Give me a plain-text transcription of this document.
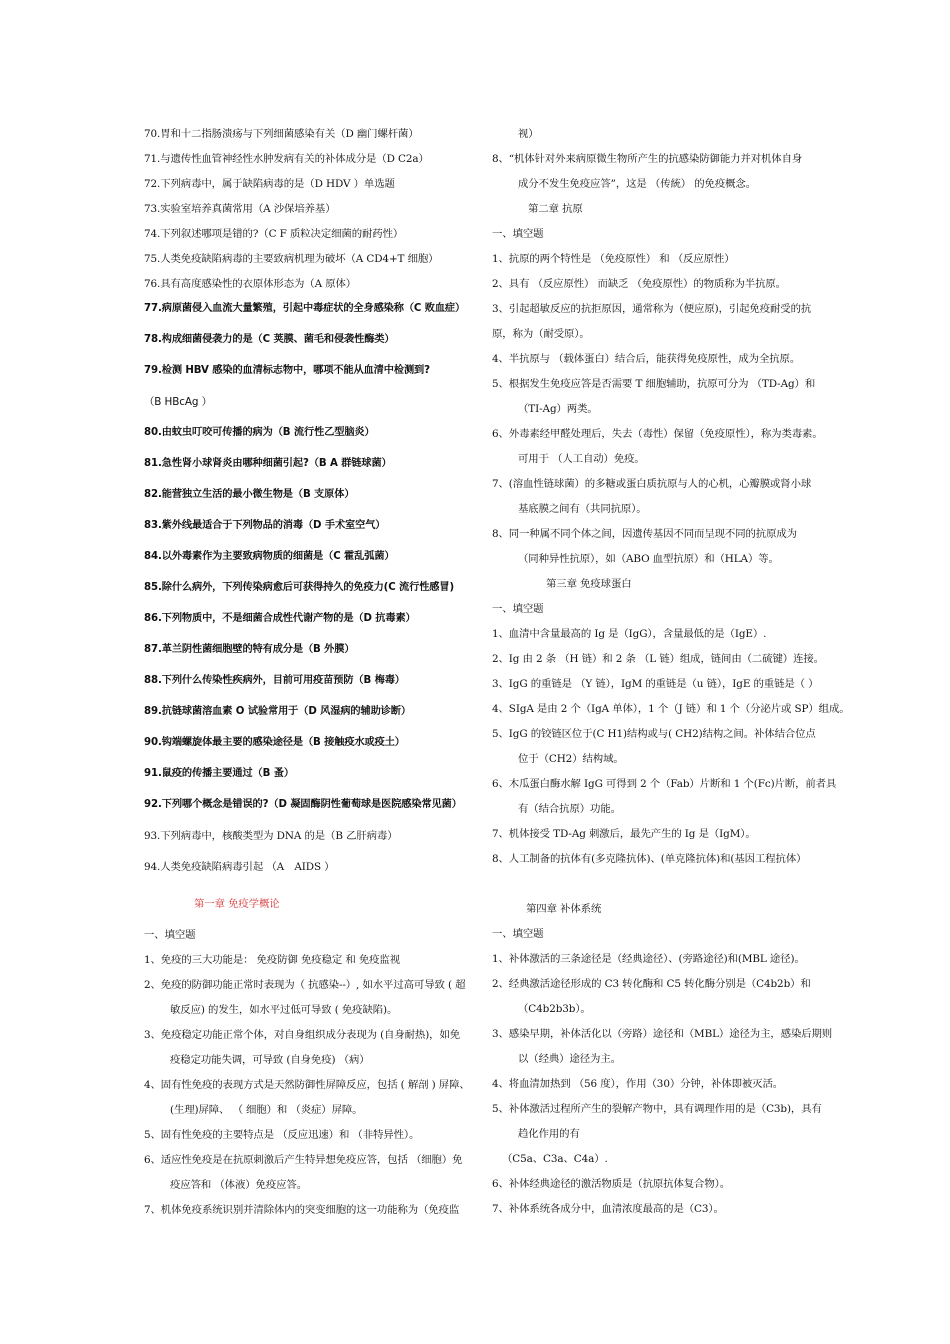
70.胃和十二指肠溃疡与下列细菌感染有关（D 幽门螺杆菌）
71.与遗传性血管神经性水肿发病有关的补体成分是（D C2a）
72.下列病毒中，属于缺陷病毒的是（D HDV ）单选题
73.实验室培养真菌常用（A 沙保培养基）
74.下列叙述哪项是错的?（C F 质粒决定细菌的耐药性）
75.人类免疫缺陷病毒的主要致病机理为破坏（A CD4+T 细胞）
76.具有高度感染性的衣原体形态为（A 原体）
77.病原菌侵入血流大量繁殖，引起中毒症状的全身感染称（C 败血症）
78.构成细菌侵袭力的是（C 荚膜、菌毛和侵袭性酶类）
79.检测 HBV 感染的血清标志物中，哪项不能从血清中检测到?
（B HBcAg ）
80.由蚊虫叮咬可传播的病为（B 流行性乙型脑炎）
81.急性肾小球肾炎由哪种细菌引起?（B A 群链球菌）
82.能营独立生活的最小微生物是（B 支原体）
83.紫外线最适合于下列物品的消毒（D 手术室空气）
84.以外毒素作为主要致病物质的细菌是（C 霍乱弧菌）
85.除什么病外，下列传染病愈后可获得持久的免疫力(C 流行性感冒)
86.下列物质中，不是细菌合成性代谢产物的是（D 抗毒素）
87.革兰阴性菌细胞壁的特有成分是（B 外膜）
88.下列什么传染性疾病外，目前可用疫苗预防（B 梅毒）
89.抗链球菌溶血素 O 试验常用于（D 风湿病的辅助诊断）
90.钩端螺旋体最主要的感染途径是（B 接触疫水或疫土）
91.鼠疫的传播主要通过（B 蚤）
92.下列哪个概念是错误的?（D 凝固酶阴性葡萄球是医院感染常见菌）
93.下列病毒中，核酸类型为 DNA 的是（B 乙肝病毒）
94.人类免疫缺陷病毒引起 （A　AIDS ）
第一章 免疫学概论
一、填空题
1、免疫的三大功能是： 免疫防御 免疫稳定 和 免疫监视
2、免疫的防御功能正常时表现为（ 抗感染--）, 如水平过高可导致 ( 超
敏反应) 的发生，如水平过低可导致 ( 免疫缺陷)。
3、免疫稳定功能正常个体，对自身组织成分表现为 (自身耐热)，如免
疫稳定功能失调，可导致 (自身免疫) （病）
4、固有性免疫的表现方式是天然防御性屏障反应，包括 ( 解剖 ) 屏障、
(生理)屏障、 （ 细胞）和 （炎症）屏障。
5、固有性免疫的主要特点是 （反应迅速）和 （非特异性）。
6、适应性免疫是在抗原刺激后产生特异想免疫应答，包括 （细胞）免
疫应答和 （体液）免疫应答。
7、机体免疫系统识别并清除体内的突变细胞的这一功能称为（免疫监
视）
8、“机体针对外来病原微生物所产生的抗感染防御能力并对机体自身
成分不发生免疫应答”，这是 （传統） 的免疫概念。
第二章 抗原
一、填空题
1、抗原的两个特性是 （免疫原性） 和 （反应原性）
2、具有 （反应原性） 而缺乏 （免疫原性）的物质称为半抗原。
3、引起超敏反应的抗拒原因，通常称为（便应原)，引起免疫耐受的抗
原，称为（耐受原）。
4、半抗原与 （载体蛋白）结合后，能获得免疫原性，成为全抗原。
5、根据发生免疫应答是否需要 T 细胞辅助，抗原可分为 （TD-Ag）和
（TI-Ag）两类。
6、外毒素经甲醛处理后，失去（毒性）保留（免疫原性），称为类毒素。
可用于 （人工自动）免疫。
7、(溶血性链球菌）的多糖或蛋白质抗原与人的心机，心瓣膜或肾小球
基底膜之间有（共同抗原）。
8、同一种属不同个体之间，因遗传基因不同而呈现不同的抗原成为
（同种异性抗原），如（ABO 血型抗原）和（HLA）等。
第三章 免疫球蛋白
一、填空题
1、血清中含量最高的 Ig 是（IgG），含量最低的是（IgE）.
2、Ig 由 2 条 （H 链）和 2 条 （L 链）组成，链间由（二硫键）连接。
3、IgG 的重链是 （Y 链），IgM 的重链是（u 链），IgE 的重链是（ ）
4、SIgA 是由 2 个（IgA 单体），1 个（J 链）和 1 个（分泌片或 SP）组成。
5、IgG 的铰链区位于(C H1)结构或与( CH2)结构之间。补体结合位点
位于（CH2）结构域。
6、木瓜蛋白酶水解 IgG 可得到 2 个（Fab）片断和 1 个(Fc)片断，前者具
有（结合抗原）功能。
7、机体接受 TD-Ag 刺激后，最先产生的 Ig 是（IgM）。
8、人工制备的抗体有(多克隆抗体)、(单克隆抗体)和(基因工程抗体）
第四章 补体系统
一、填空题
1、补体激活的三条途径是（经典途径）、(旁路途径)和(MBL 途径)。
2、经典激活途径形成的 C3 转化酶和 C5 转化酶分别是（C4b2b）和
（C4b2b3b）。
3、感染早期，补体活化以（旁路）途径和（MBL）途径为主，感染后期则
以（经典）途径为主。
4、将血清加热到 （56 度），作用（30）分钟，补体即被灭活。
5、补体激活过程所产生的裂解产物中，具有调理作用的是（C3b)，具有
趋化作用的有
（C5a、C3a、C4a）.
6、补体经典途径的激活物质是（抗原抗体复合物）。
7、补体系统各成分中，血清浓度最高的是（C3）。
